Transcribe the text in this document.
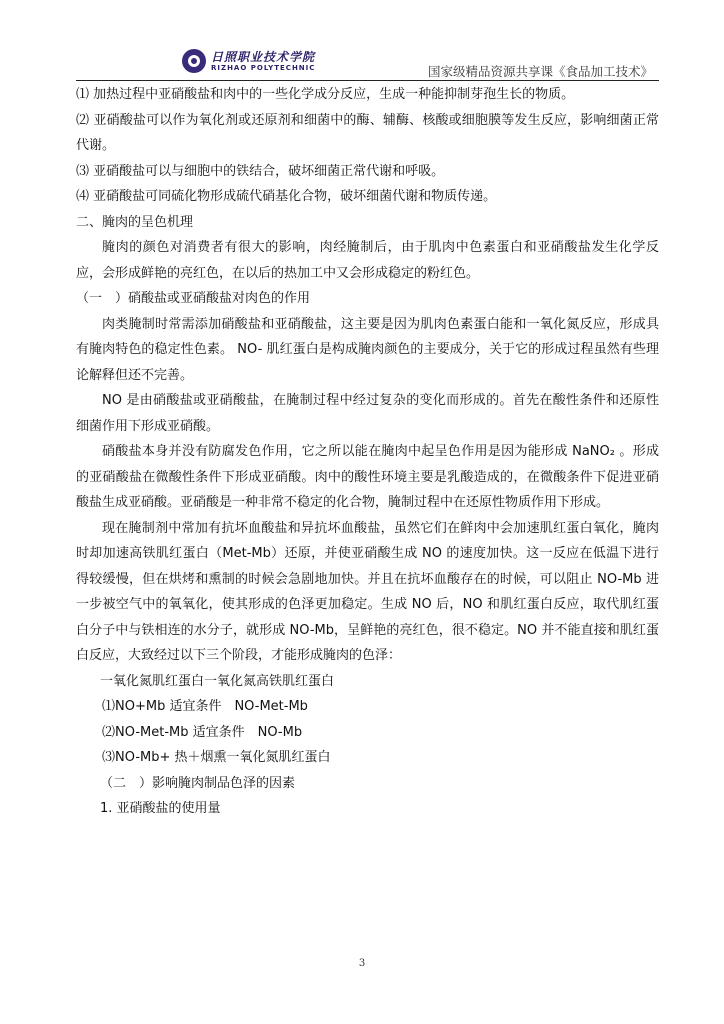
日照职业技术学院
RIZHAO POLYTECHNIC	国家级精品资源共享课《食品加工技术》

⑴ 加热过程中亚硝酸盐和肉中的一些化学成分反应，生成一种能抑制芽孢生长的物质。

⑵ 亚硝酸盐可以作为氧化剂或还原剂和细菌中的酶、辅酶、核酸或细胞膜等发生反应，影响细菌正常代谢。

⑶ 亚硝酸盐可以与细胞中的铁结合，破坏细菌正常代谢和呼吸。

⑷ 亚硝酸盐可同硫化物形成硫代硝基化合物，破坏细菌代谢和物质传递。

二、腌肉的呈色机理

腌肉的颜色对消费者有很大的影响，肉经腌制后，由于肌肉中色素蛋白和亚硝酸盐发生化学反应，会形成鲜艳的亮红色，在以后的热加工中又会形成稳定的粉红色。

（一　）硝酸盐或亚硝酸盐对肉色的作用

肉类腌制时常需添加硝酸盐和亚硝酸盐，这主要是因为肌肉色素蛋白能和一氧化氮反应，形成具有腌肉特色的稳定性色素。 NO- 肌红蛋白是构成腌肉颜色的主要成分，关于它的形成过程虽然有些理论解释但还不完善。

NO 是由硝酸盐或亚硝酸盐，在腌制过程中经过复杂的变化而形成的。首先在酸性条件和还原性细菌作用下形成亚硝酸。

硝酸盐本身并没有防腐发色作用，它之所以能在腌肉中起呈色作用是因为能形成 NaNO₂ 。形成的亚硝酸盐在微酸性条件下形成亚硝酸。肉中的酸性环境主要是乳酸造成的，在微酸条件下促进亚硝酸盐生成亚硝酸。亚硝酸是一种非常不稳定的化合物，腌制过程中在还原性物质作用下形成。

现在腌制剂中常加有抗坏血酸盐和异抗坏血酸盐，虽然它们在鲜肉中会加速肌红蛋白氧化，腌肉时却加速高铁肌红蛋白（Met-Mb）还原，并使亚硝酸生成 NO 的速度加快。这一反应在低温下进行得较缓慢，但在烘烤和熏制的时候会急剧地加快。并且在抗坏血酸存在的时候，可以阻止 NO-Mb 进一步被空气中的氧氧化，使其形成的色泽更加稳定。生成 NO 后，NO 和肌红蛋白反应，取代肌红蛋白分子中与铁相连的水分子，就形成 NO-Mb，呈鲜艳的亮红色，很不稳定。NO 并不能直接和肌红蛋白反应，大致经过以下三个阶段，才能形成腌肉的色泽：

一氧化氮肌红蛋白一氧化氮高铁肌红蛋白

⑴NO+Mb 适宜条件　NO-Met-Mb

⑵NO-Met-Mb 适宜条件　NO-Mb

⑶NO-Mb+ 热＋烟熏一氧化氮肌红蛋白

（二　）影响腌肉制品色泽的因素

1. 亚硝酸盐的使用量

3
